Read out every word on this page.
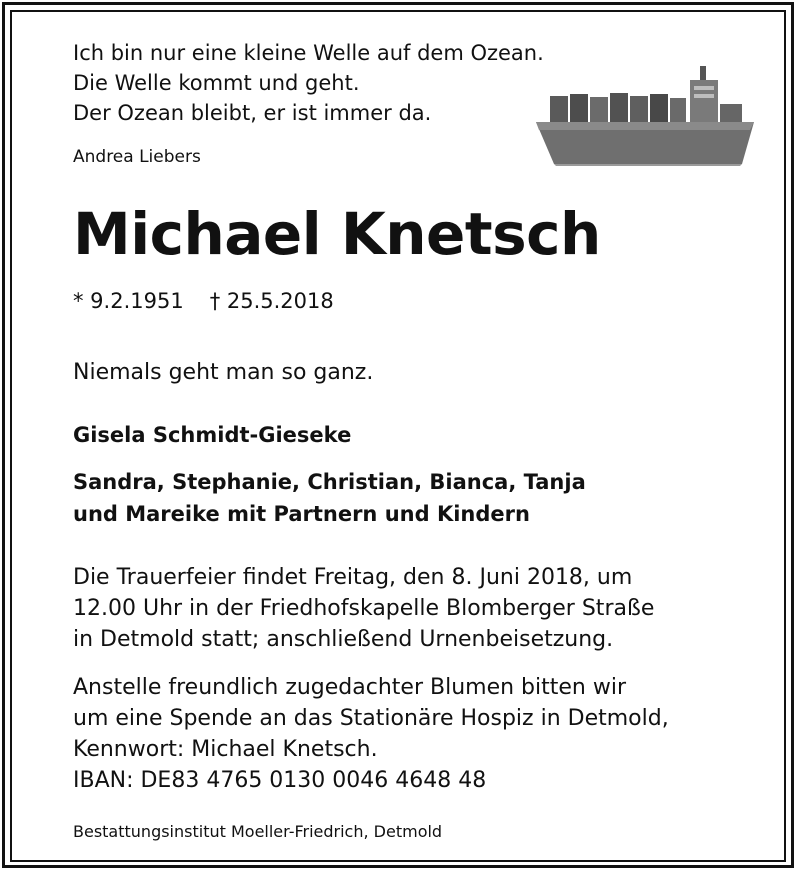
Ich bin nur eine kleine Welle auf dem Ozean.
Die Welle kommt und geht.
Der Ozean bleibt, er ist immer da.
Andrea Liebers
Michael Knetsch
* 9.2.1951 † 25.5.2018
Niemals geht man so ganz.
Gisela Schmidt-Gieseke
Sandra, Stephanie, Christian, Bianca, Tanja
und Mareike mit Partnern und Kindern
Die Trauerfeier findet Freitag, den 8. Juni 2018, um
12.00 Uhr in der Friedhofskapelle Blomberger Straße
in Detmold statt; anschließend Urnenbeisetzung.
Anstelle freundlich zugedachter Blumen bitten wir
um eine Spende an das Stationäre Hospiz in Detmold,
Kennwort: Michael Knetsch.
IBAN: DE83 4765 0130 0046 4648 48
Bestattungsinstitut Moeller-Friedrich, Detmold
